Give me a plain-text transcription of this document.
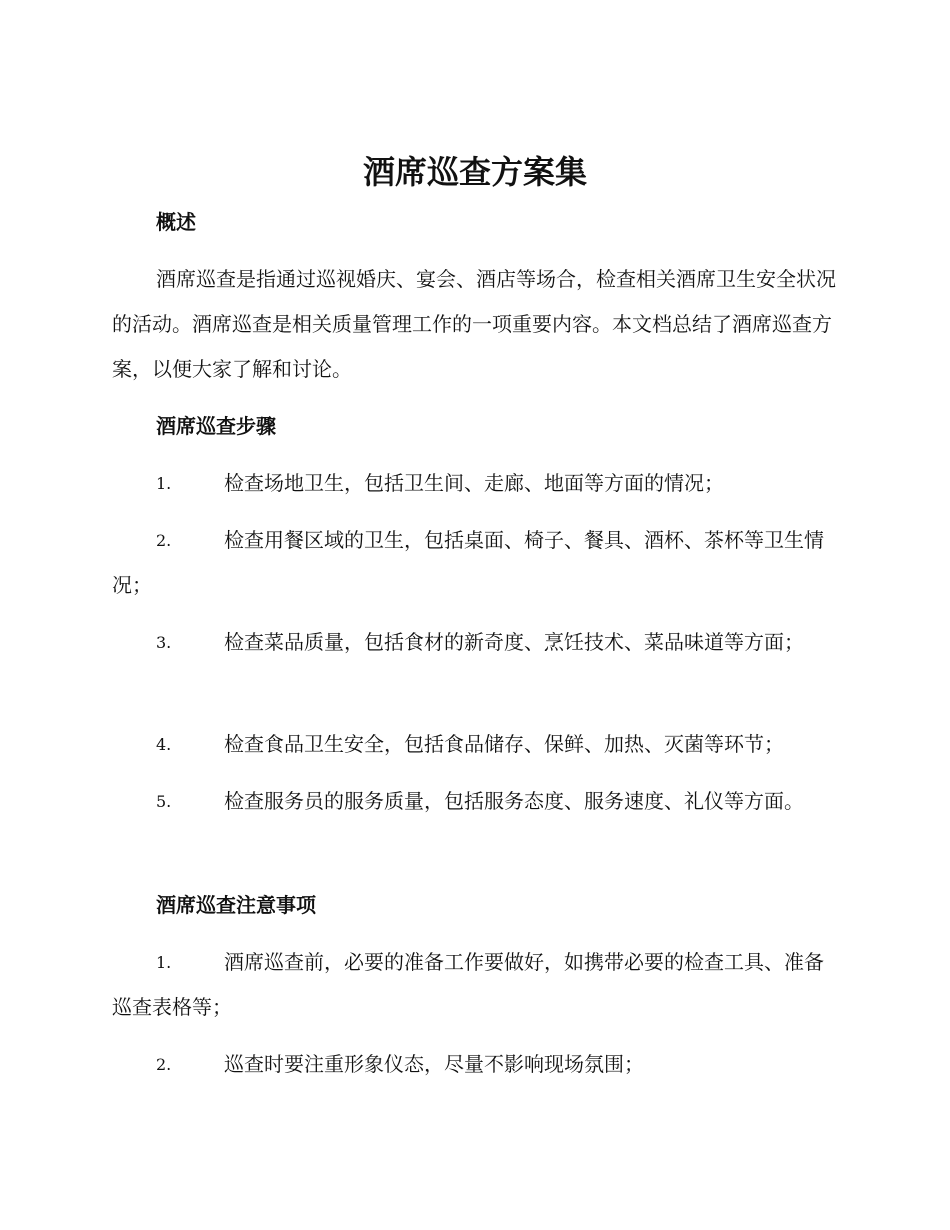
酒席巡查方案集
概述
酒席巡查是指通过巡视婚庆、宴会、酒店等场合，检查相关酒席卫生安全状况的活动。酒席巡查是相关质量管理工作的一项重要内容。本文档总结了酒席巡查方案，以便大家了解和讨论。
酒席巡查步骤
1.	检查场地卫生，包括卫生间、走廊、地面等方面的情况；
2.	检查用餐区域的卫生，包括桌面、椅子、餐具、酒杯、茶杯等卫生情况；
3.	检查菜品质量，包括食材的新奇度、烹饪技术、菜品味道等方面；
4.	检查食品卫生安全，包括食品储存、保鲜、加热、灭菌等环节；
5.	检查服务员的服务质量，包括服务态度、服务速度、礼仪等方面。
酒席巡查注意事项
1.	酒席巡查前，必要的准备工作要做好，如携带必要的检查工具、准备巡查表格等；
2.	巡查时要注重形象仪态，尽量不影响现场氛围；
